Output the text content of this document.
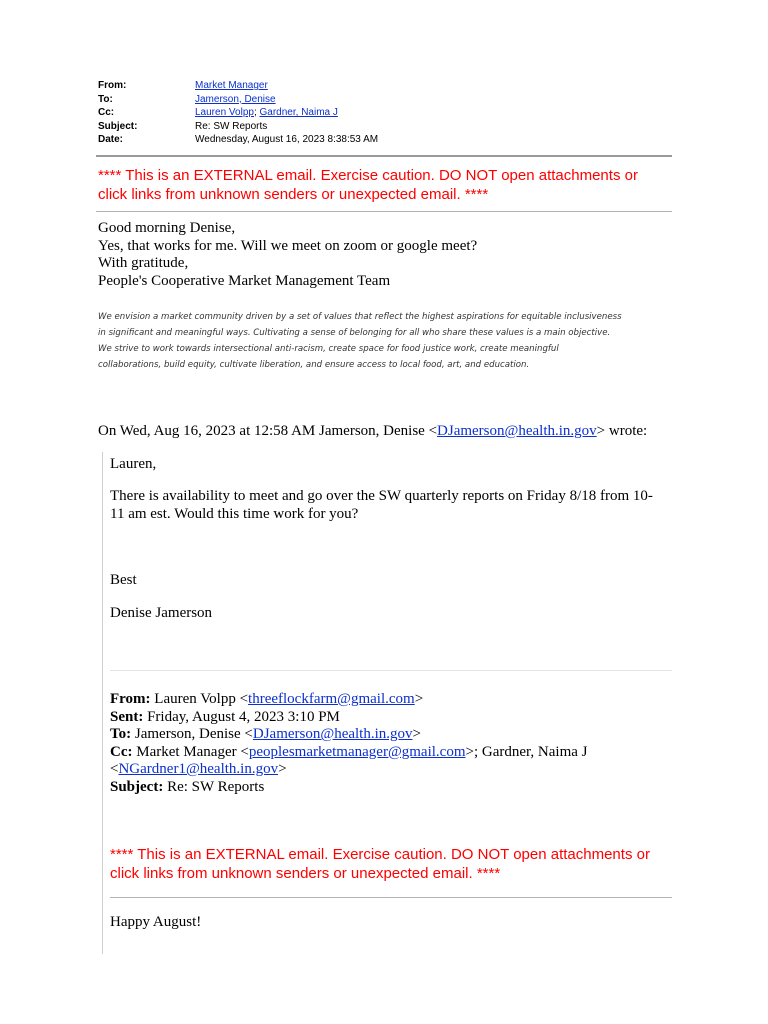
From:	Market Manager
To:	Jamerson, Denise
Cc:	Lauren Volpp ; Gardner, Naima J
Subject:	Re: SW Reports
Date:	Wednesday, August 16, 2023 8:38:53 AM
**** This is an EXTERNAL email. Exercise caution. DO NOT open attachments or
click links from unknown senders or unexpected email. ****
Good morning Denise,
Yes, that works for me. Will we meet on zoom or google meet?
With gratitude,
People's Cooperative Market Management Team
We envision a market community driven by a set of values that reflect the highest aspirations for equitable inclusiveness
in significant and meaningful ways. Cultivating a sense of belonging for all who share these values is a main objective.
We strive to work towards intersectional anti-racism, create space for food justice work, create meaningful
collaborations, build equity, cultivate liberation, and ensure access to local food, art, and education.
On Wed, Aug 16, 2023 at 12:58 AM Jamerson, Denise <DJamerson@health.in.gov> wrote:
Lauren,
There is availability to meet and go over the SW quarterly reports on Friday 8/18 from 10-
11 am est. Would this time work for you?
Best
Denise Jamerson
From: Lauren Volpp <threeflockfarm@gmail.com>
Sent: Friday, August 4, 2023 3:10 PM
To: Jamerson, Denise <DJamerson@health.in.gov>
Cc: Market Manager <peoplesmarketmanager@gmail.com>; Gardner, Naima J
<NGardner1@health.in.gov>
Subject: Re: SW Reports
**** This is an EXTERNAL email. Exercise caution. DO NOT open attachments or
click links from unknown senders or unexpected email. ****
Happy August!
